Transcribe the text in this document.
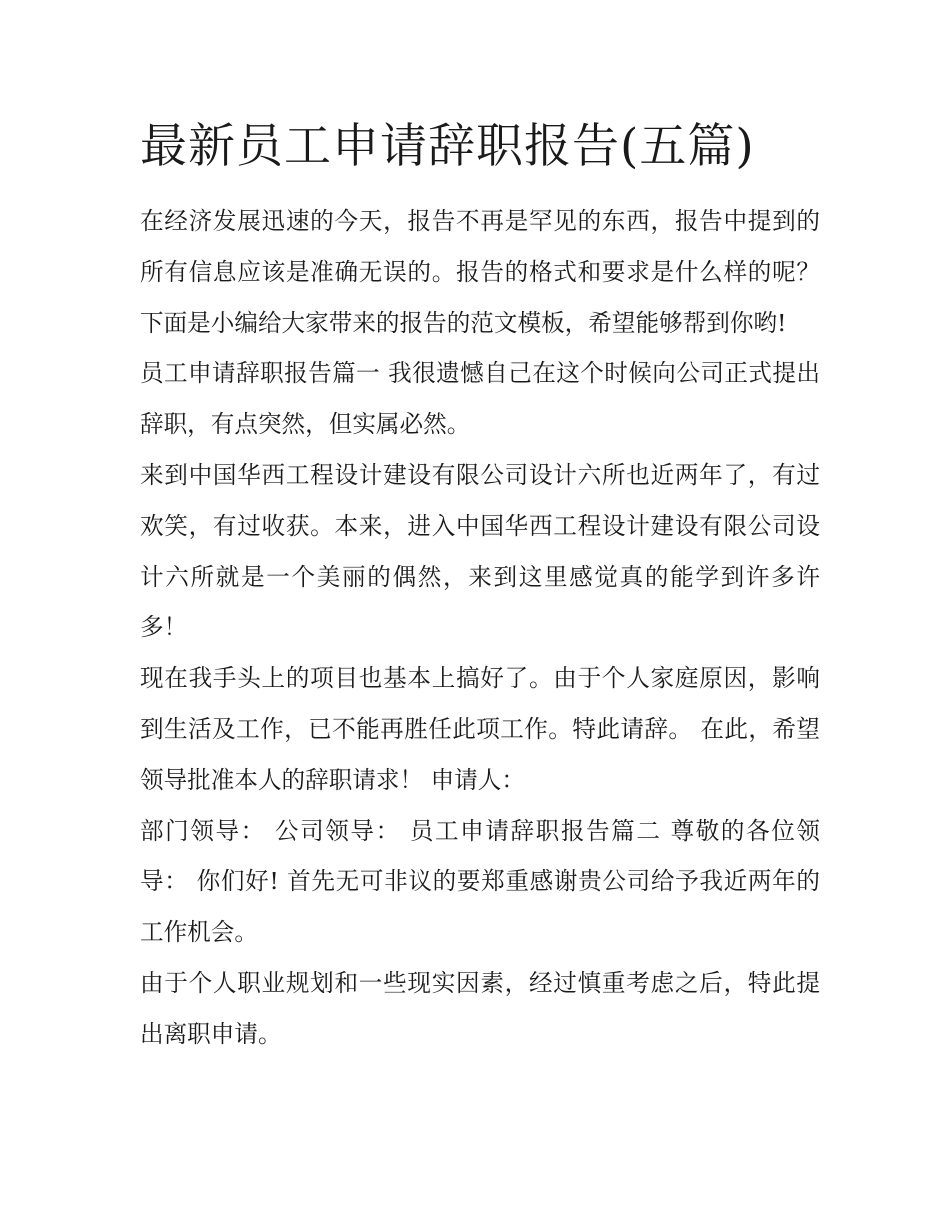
最新员工申请辞职报告(五篇)

在经济发展迅速的今天，报告不再是罕见的东西，报告中提到的所有信息应该是准确无误的。报告的格式和要求是什么样的呢？下面是小编给大家带来的报告的范文模板，希望能够帮到你哟!

员工申请辞职报告篇一 我很遗憾自己在这个时候向公司正式提出辞职，有点突然，但实属必然。

来到中国华西工程设计建设有限公司设计六所也近两年了，有过欢笑，有过收获。本来，进入中国华西工程设计建设有限公司设计六所就是一个美丽的偶然，来到这里感觉真的能学到许多许多！

现在我手头上的项目也基本上搞好了。由于个人家庭原因，影响到生活及工作，已不能再胜任此项工作。特此请辞。 在此，希望领导批准本人的辞职请求！ 申请人：

部门领导： 公司领导： 员工申请辞职报告篇二 尊敬的各位领导： 你们好! 首先无可非议的要郑重感谢贵公司给予我近两年的工作机会。

由于个人职业规划和一些现实因素，经过慎重考虑之后，特此提出离职申请。
